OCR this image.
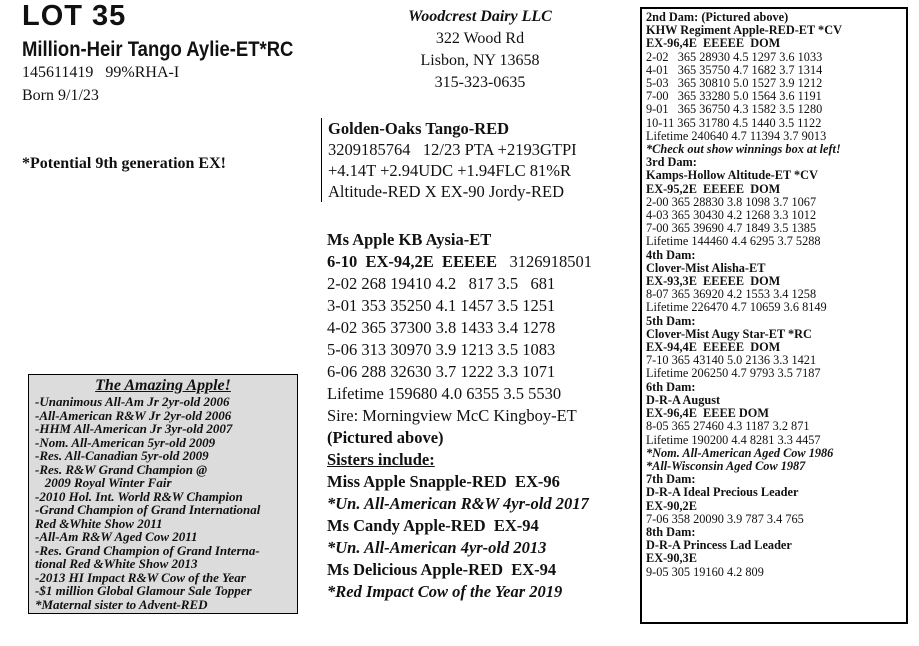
LOT 35
Million-Heir Tango Aylie-ET*RC
145611419   99%RHA-I
Born 9/1/23
*Potential 9th generation EX!
Woodcrest Dairy LLC
322 Wood Rd
Lisbon, NY 13658
315-323-0635
Golden-Oaks Tango-RED
3209185764   12/23 PTA +2193GTPI
+4.14T +2.94UDC +1.94FLC 81%R
Altitude-RED X EX-90 Jordy-RED
Ms Apple KB Aysia-ET
6-10  EX-94,2E  EEEEE 3126918501
2-02 268 19410 4.2   817 3.5   681
3-01 353 35250 4.1 1457 3.5 1251
4-02 365 37300 3.8 1433 3.4 1278
5-06 313 30970 3.9 1213 3.5 1083
6-06 288 32630 3.7 1222 3.3 1071
Lifetime 159680 4.0 6355 3.5 5530
Sire: Morningview McC Kingboy-ET
(Pictured above)
Sisters include:
Miss Apple Snapple-RED  EX-96
*Un. All-American R&W 4yr-old 2017
Ms Candy Apple-RED  EX-94
*Un. All-American 4yr-old 2013
Ms Delicious Apple-RED  EX-94
*Red Impact Cow of the Year 2019
The Amazing Apple!
-Unanimous All-Am Jr 2yr-old 2006
-All-American R&W Jr 2yr-old 2006
-HHM All-American Jr 3yr-old 2007
-Nom. All-American 5yr-old 2009
-Res. All-Canadian 5yr-old 2009
-Res. R&W Grand Champion @
2009 Royal Winter Fair
-2010 Hol. Int. World R&W Champion
-Grand Champion of Grand International
Red &White Show 2011
-All-Am R&W Aged Cow 2011
-Res. Grand Champion of Grand Interna-
tional Red &White Show 2013
-2013 HI Impact R&W Cow of the Year
-$1 million Global Glamour Sale Topper
*Maternal sister to Advent-RED
2nd Dam: (Pictured above)
KHW Regiment Apple-RED-ET *CV
EX-96,4E  EEEEE  DOM
2-02   365 28930 4.5 1297 3.6 1033
4-01   365 35750 4.7 1682 3.7 1314
5-03   365 30810 5.0 1527 3.9 1212
7-00   365 33280 5.0 1564 3.6 1191
9-01   365 36750 4.3 1582 3.5 1280
10-11 365 31780 4.5 1440 3.5 1122
Lifetime 240640 4.7 11394 3.7 9013
*Check out show winnings box at left!
3rd Dam:
Kamps-Hollow Altitude-ET *CV
EX-95,2E  EEEEE  DOM
2-00 365 28830 3.8 1098 3.7 1067
4-03 365 30430 4.2 1268 3.3 1012
7-00 365 39690 4.7 1849 3.5 1385
Lifetime 144460 4.4 6295 3.7 5288
4th Dam:
Clover-Mist Alisha-ET
EX-93,3E  EEEEE  DOM
8-07 365 36920 4.2 1553 3.4 1258
Lifetime 226470 4.7 10659 3.6 8149
5th Dam:
Clover-Mist Augy Star-ET *RC
EX-94,4E  EEEEE  DOM
7-10 365 43140 5.0 2136 3.3 1421
Lifetime 206250 4.7 9793 3.5 7187
6th Dam:
D-R-A August
EX-96,4E  EEEE DOM
8-05 365 27460 4.3 1187 3.2 871
Lifetime 190200 4.4 8281 3.3 4457
*Nom. All-American Aged Cow 1986
*All-Wisconsin Aged Cow 1987
7th Dam:
D-R-A Ideal Precious Leader
EX-90,2E
7-06 358 20090 3.9 787 3.4 765
8th Dam:
D-R-A Princess Lad Leader
EX-90,3E
9-05 305 19160 4.2 809
